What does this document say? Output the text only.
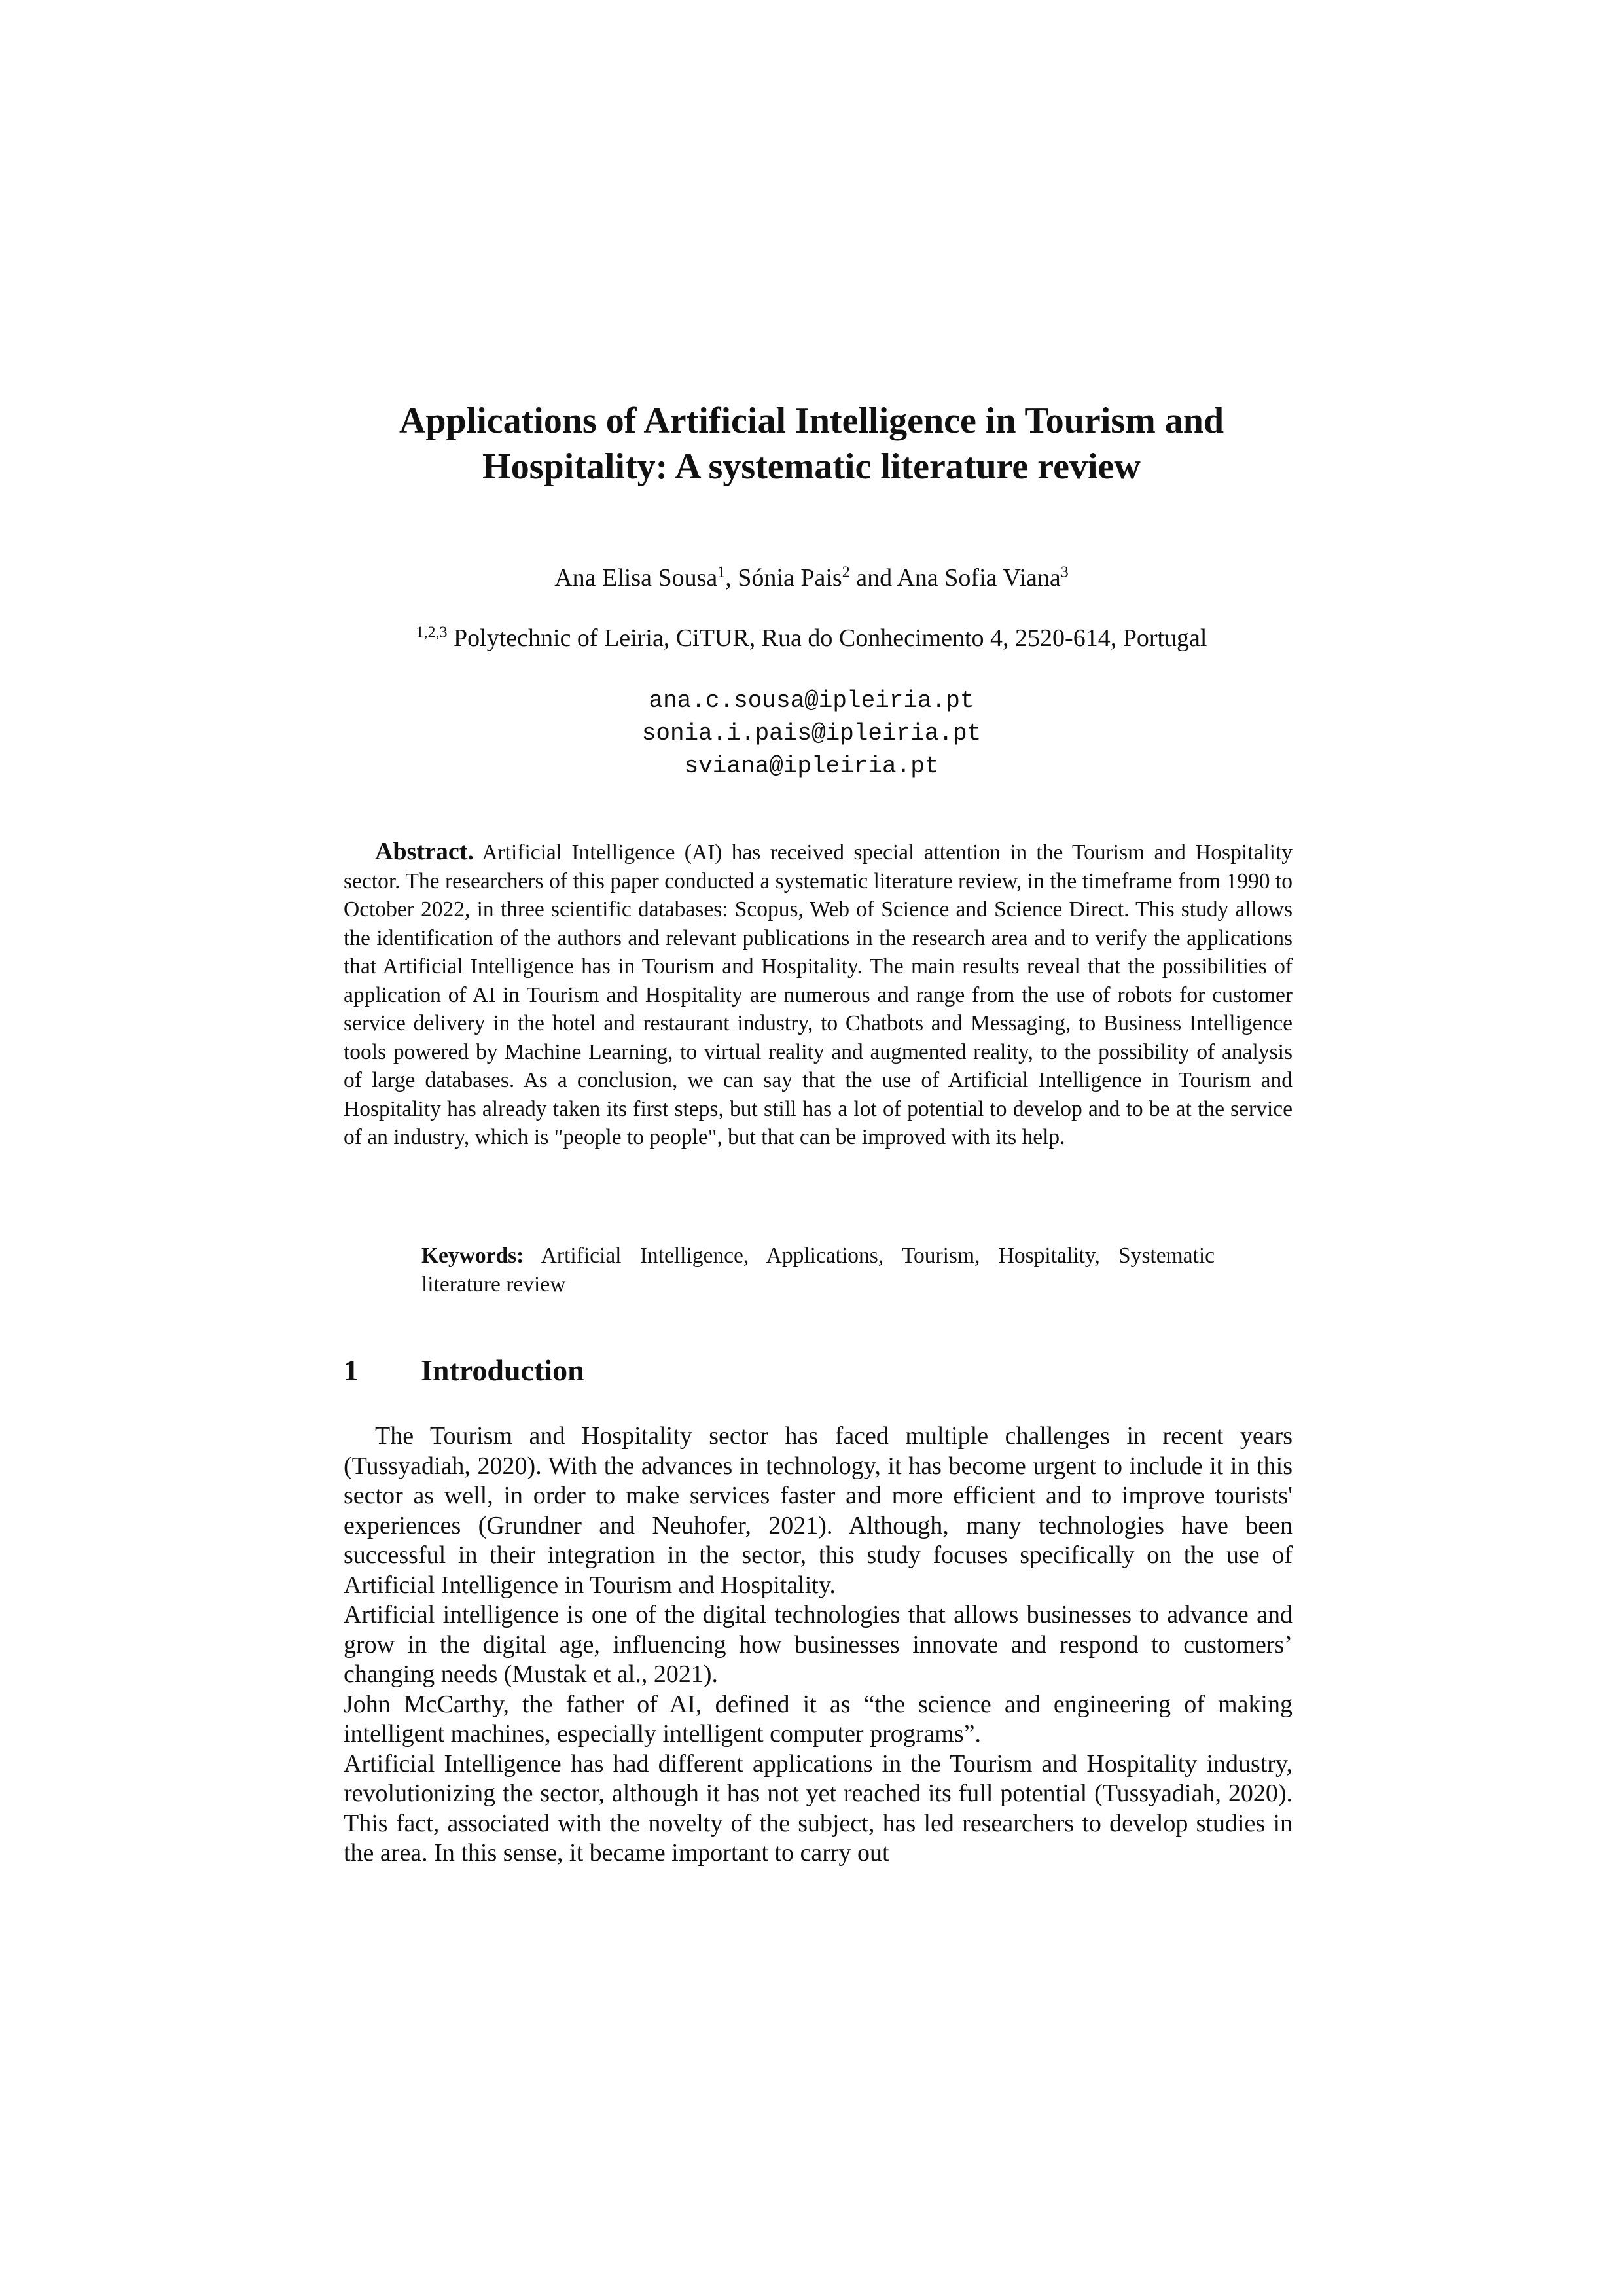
Applications of Artificial Intelligence in Tourism and
Hospitality: A systematic literature review
Ana Elisa Sousa$^1$, Sónia Pais$^2$ and Ana Sofia Viana$^3$
$^{1,2,3}$ Polytechnic of Leiria, CiTUR, Rua do Conhecimento 4, 2520-614, Portugal
ana.c.sousa@ipleiria.pt
sonia.i.pais@ipleiria.pt
sviana@ipleiria.pt
Abstract. Artificial Intelligence (AI) has received special attention in the Tourism and Hospitality sector. The researchers of this paper conducted a systematic literature review, in the timeframe from 1990 to October 2022, in three scientific databases: Scopus, Web of Science and Science Direct. This study allows the identification of the authors and relevant publications in the research area and to verify the applications that Artificial Intelligence has in Tourism and Hospitality. The main results reveal that the possibilities of application of AI in Tourism and Hospitality are numerous and range from the use of robots for customer service delivery in the hotel and restaurant industry, to Chatbots and Messaging, to Business Intelligence tools powered by Machine Learning, to virtual reality and augmented reality, to the possibility of analysis of large databases. As a conclusion, we can say that the use of Artificial Intelligence in Tourism and Hospitality has already taken its first steps, but still has a lot of potential to develop and to be at the service of an industry, which is "people to people", but that can be improved with its help.
Keywords: Artificial Intelligence, Applications, Tourism, Hospitality, Systematic literature review
1 Introduction

The Tourism and Hospitality sector has faced multiple challenges in recent years (Tussyadiah, 2020). With the advances in technology, it has become urgent to include it in this sector as well, in order to make services faster and more efficient and to improve tourists' experiences (Grundner and Neuhofer, 2021). Although, many technologies have been successful in their integration in the sector, this study focuses specifically on the use of Artificial Intelligence in Tourism and Hospitality.

Artificial intelligence is one of the digital technologies that allows businesses to advance and grow in the digital age, influencing how businesses innovate and respond to customers’ changing needs (Mustak et al., 2021).

John McCarthy, the father of AI, defined it as “the science and engineering of making intelligent machines, especially intelligent computer programs”.

Artificial Intelligence has had different applications in the Tourism and Hospitality industry, revolutionizing the sector, although it has not yet reached its full potential (Tussyadiah, 2020). This fact, associated with the novelty of the subject, has led researchers to develop studies in the area. In this sense, it became important to carry out
